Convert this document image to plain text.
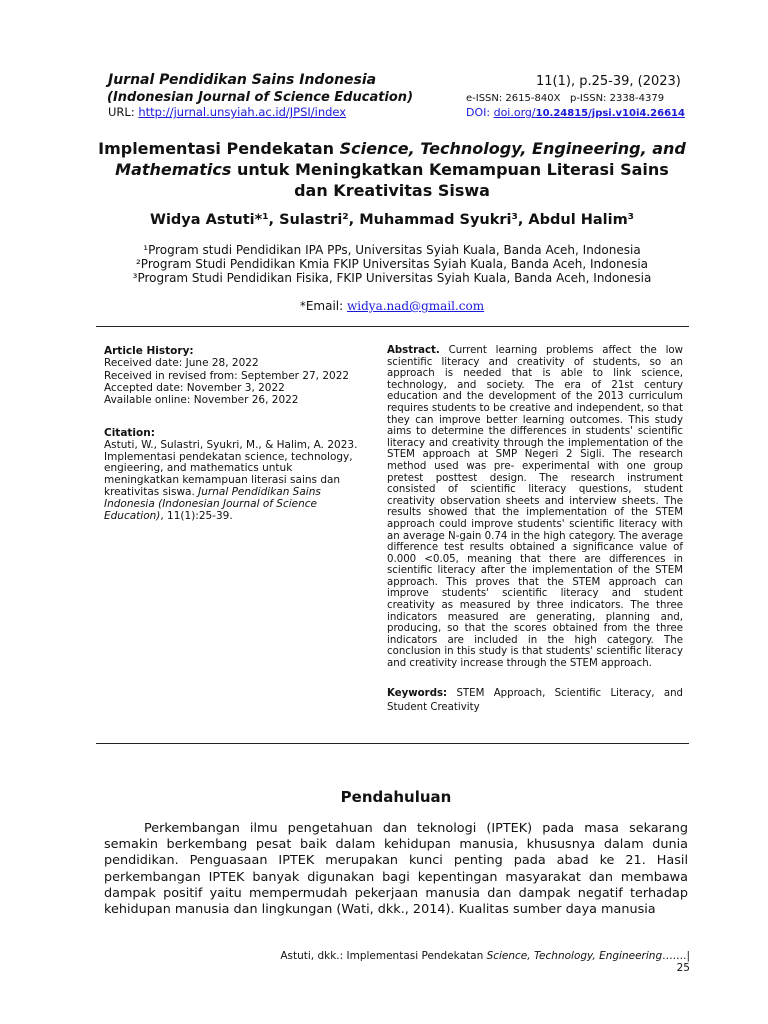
Jurnal Pendidikan Sains Indonesia
(Indonesian Journal of Science Education)
URL: http://jurnal.unsyiah.ac.id/JPSI/index
11(1), p.25-39, (2023)
e-ISSN: 2615-840X   p-ISSN: 2338-4379
DOI: doi.org/10.24815/jpsi.v10i4.26614
Implementasi Pendekatan Science, Technology, Engineering, and Mathematics untuk Meningkatkan Kemampuan Literasi Sains dan Kreativitas Siswa
Widya Astuti*¹, Sulastri², Muhammad Syukri³, Abdul Halim³
¹Program studi Pendidikan IPA PPs, Universitas Syiah Kuala, Banda Aceh, Indonesia
²Program Studi Pendidikan Kmia FKIP Universitas Syiah Kuala, Banda Aceh, Indonesia
³Program Studi Pendidikan Fisika, FKIP Universitas Syiah Kuala, Banda Aceh, Indonesia
*Email: widya.nad@gmail.com
Article History:
Received date: June 28, 2022
Received in revised from: September 27, 2022
Accepted date: November 3, 2022
Available online: November 26, 2022
Citation:
Astuti, W., Sulastri, Syukri, M., & Halim, A. 2023. Implementasi pendekatan science, technology, engieering, and mathematics untuk meningkatkan kemampuan literasi sains dan kreativitas siswa. Jurnal Pendidikan Sains Indonesia (Indonesian Journal of Science Education), 11(1):25-39.
Abstract. Current learning problems affect the low scientific literacy and creativity of students, so an approach is needed that is able to link science, technology, and society. The era of 21st century education and the development of the 2013 curriculum requires students to be creative and independent, so that they can improve better learning outcomes. This study aims to determine the differences in students' scientific literacy and creativity through the implementation of the STEM approach at SMP Negeri 2 Sigli. The research method used was pre- experimental with one group pretest posttest design. The research instrument consisted of scientific literacy questions, student creativity observation sheets and interview sheets. The results showed that the implementation of the STEM approach could improve students' scientific literacy with an average N-gain 0.74 in the high category. The average difference test results obtained a significance value of 0.000 <0.05, meaning that there are differences in scientific literacy after the implementation of the STEM approach. This proves that the STEM approach can improve students' scientific literacy and student creativity as measured by three indicators. The three indicators measured are generating, planning and, producing, so that the scores obtained from the three indicators are included in the high category. The conclusion in this study is that students' scientific literacy and creativity increase through the STEM approach.
Keywords: STEM Approach, Scientific Literacy, and Student Creativity
Pendahuluan
Perkembangan ilmu pengetahuan dan teknologi (IPTEK) pada masa sekarang semakin berkembang pesat baik dalam kehidupan manusia, khususnya dalam dunia pendidikan. Penguasaan IPTEK merupakan kunci penting pada abad ke 21. Hasil perkembangan IPTEK banyak digunakan bagi kepentingan masyarakat dan membawa dampak positif yaitu mempermudah pekerjaan manusia dan dampak negatif terhadap kehidupan manusia dan lingkungan (Wati, dkk., 2014). Kualitas sumber daya manusia
Astuti, dkk.: Implementasi Pendekatan Science, Technology, Engineering…….| 25
